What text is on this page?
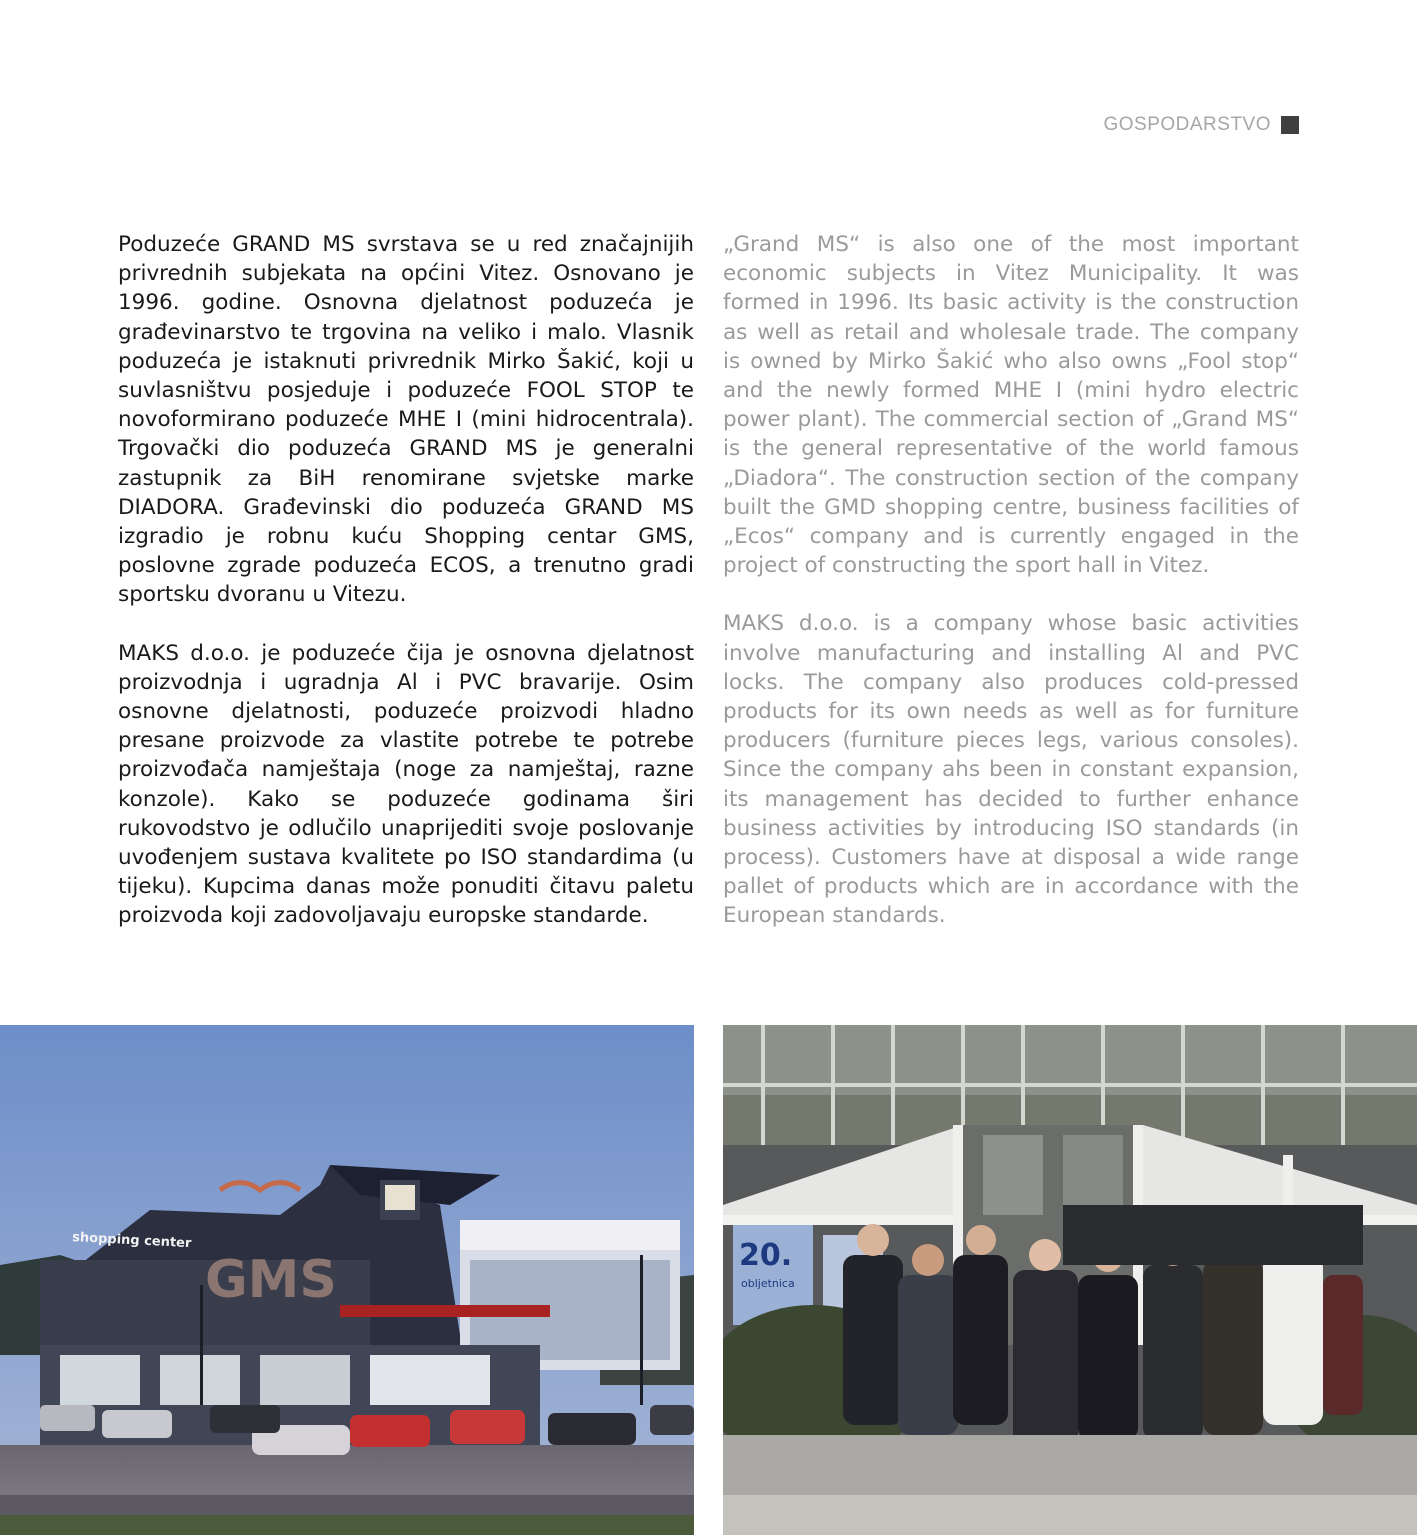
GOSPODARSTVO

Poduzeće GRAND MS svrstava se u red značajnijih privrednih subjekata na općini Vitez. Osnovano je 1996. godine. Osnovna djelatnost poduzeća je građevinarstvo te trgovina na veliko i malo. Vlasnik poduzeća je istaknuti privrednik Mirko Šakić, koji u suvlasništvu posjeduje i poduzeće FOOL STOP te novoformirano poduzeće MHE I (mini hidrocentrala). Trgovački dio poduzeća GRAND MS je generalni zastupnik za BiH renomirane svjetske marke DIADORA. Građevinski dio poduzeća GRAND MS izgradio je robnu kuću Shopping centar GMS, poslovne zgrade poduzeća ECOS, a trenutno gradi sportsku dvoranu u Vitezu.

MAKS d.o.o. je poduzeće čija je osnovna djelatnost proizvodnja i ugradnja Al i PVC bravarije. Osim osnovne djelatnosti, poduzeće proizvodi hladno presane proizvode za vlastite potrebe te potrebe proizvođača namještaja (noge za namještaj, razne konzole). Kako se poduzeće godinama širi rukovodstvo je odlučilo unaprijediti svoje poslovanje uvođenjem sustava kvalitete po ISO standardima (u tijeku). Kupcima danas može ponuditi čitavu paletu proizvoda koji zadovoljavaju europske standarde.

„Grand MS“ is also one of the most important economic subjects in Vitez Municipality. It was formed in 1996. Its basic activity is the construction as well as retail and wholesale trade. The company is owned by Mirko Šakić who also owns „Fool stop“ and the newly formed MHE I (mini hydro electric power plant). The commercial section of „Grand MS“ is the general representative of the world famous „Diadora“. The construction section of the company built the GMD shopping centre, business facilities of „Ecos“ company and is currently engaged in the project of constructing the sport hall in Vitez.

MAKS d.o.o. is a company whose basic activities involve manufacturing and installing Al and PVC locks. The company also produces cold-pressed products for its own needs as well as for furniture producers (furniture pieces legs, various consoles). Since the company ahs been in constant expansion, its management has decided to further enhance business activities by introducing ISO standards (in process). Customers have at disposal a wide range pallet of products which are in accordance with the European standards.

shopping center
GMS	20.
obljetnica
